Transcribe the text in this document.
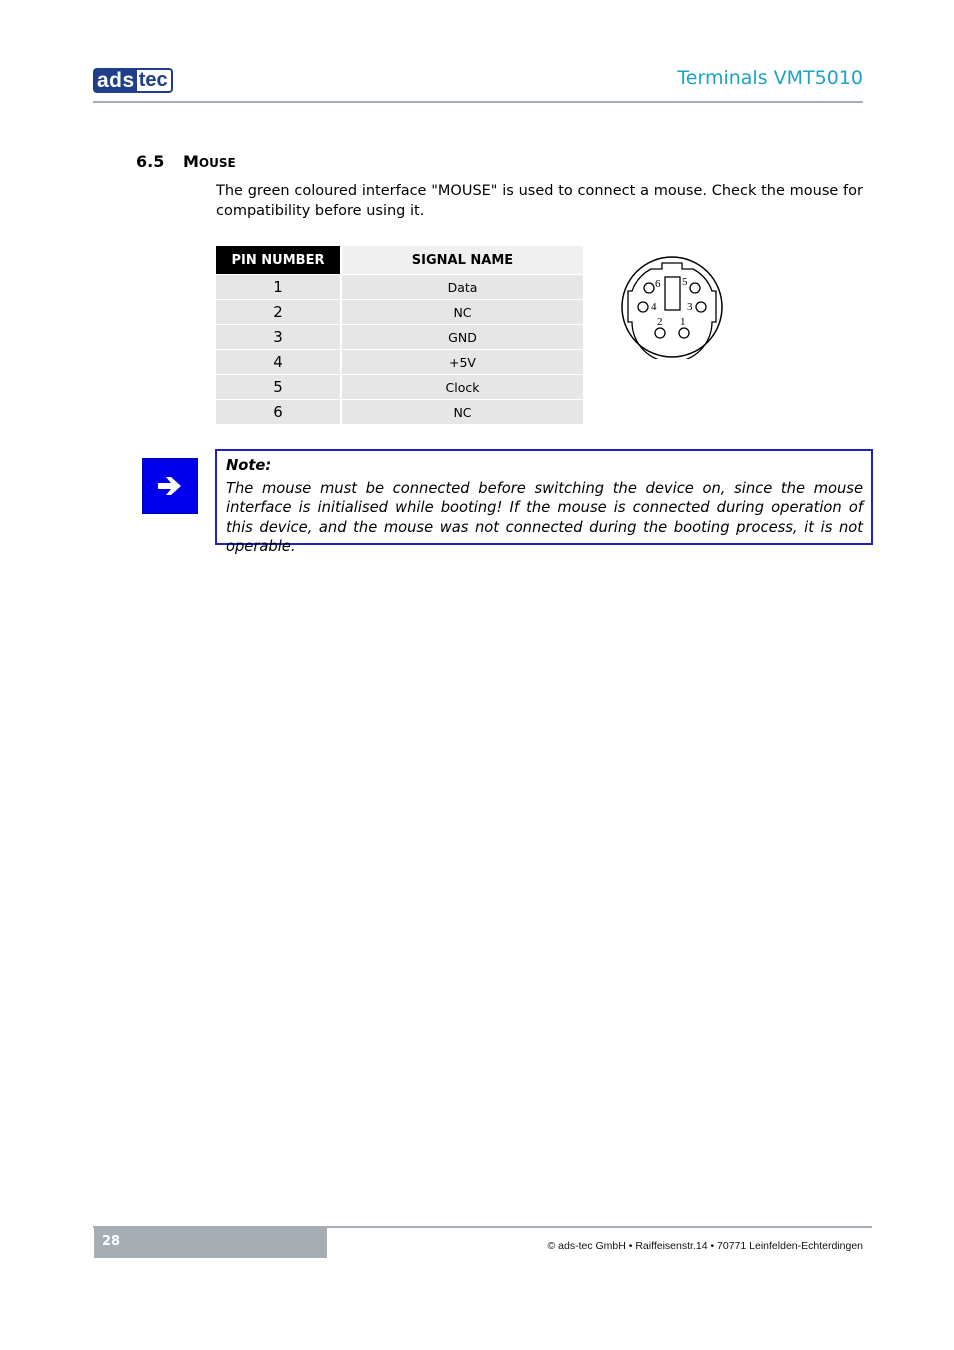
ads tec	Terminals VMT5010
6.5 MOUSE
The green coloured interface "MOUSE" is used to connect a mouse. Check the mouse for compatibility before using it.
PIN NUMBER	SIGNAL NAME
1	Data
2	NC
3	GND
4	+5V
5	Clock
6	NC
6 5
4	3
2 1
Note:
The mouse must be connected before switching the device on, since the mouse interface is initialised while booting! If the mouse is connected during operation of this device, and the mouse was not connected during the booting process, it is not operable.
28	© ads-tec GmbH • Raiffeisenstr.14 • 70771 Leinfelden-Echterdingen
